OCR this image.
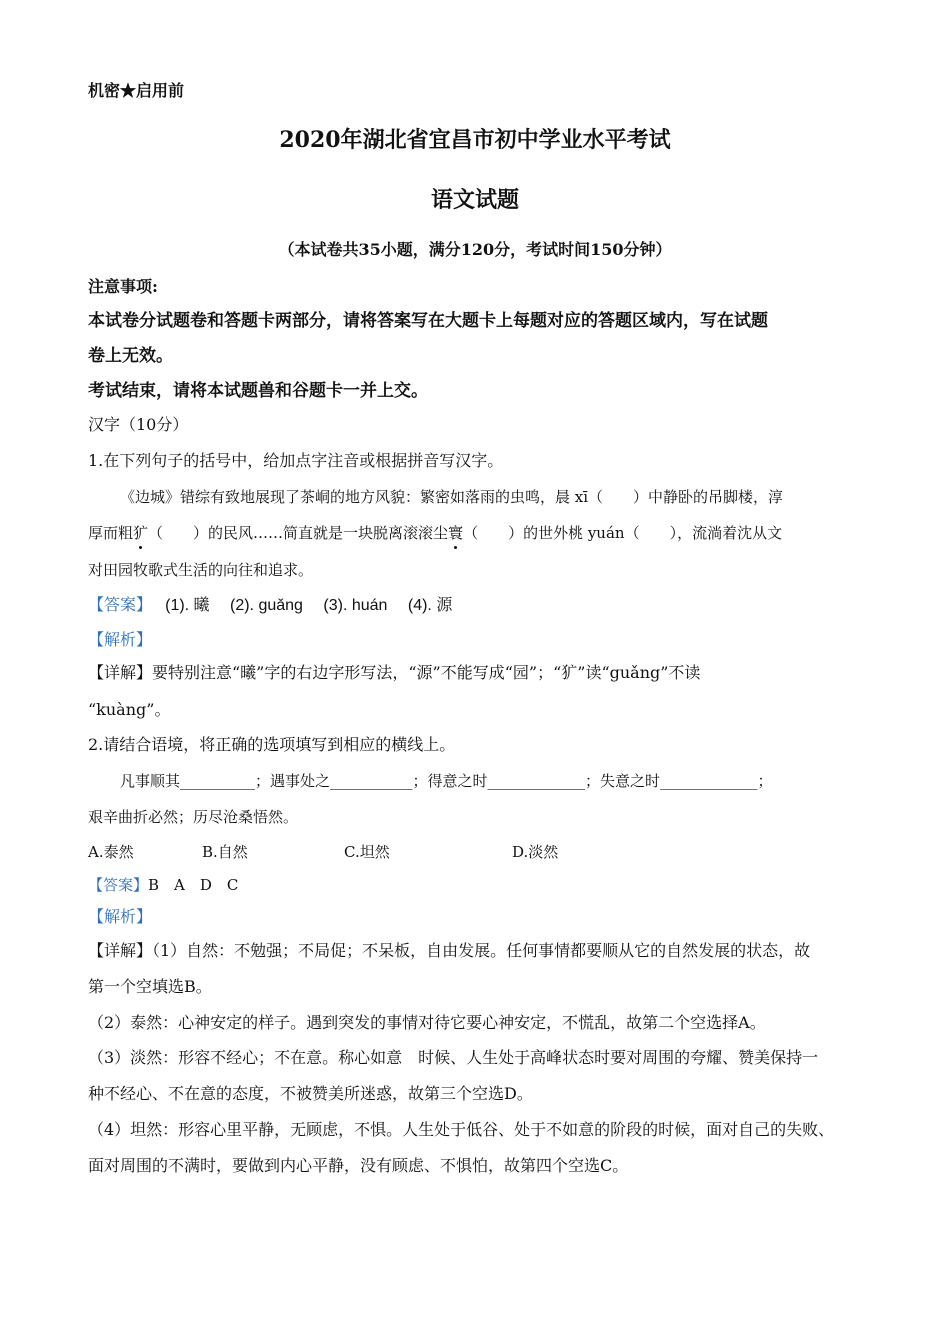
机密★启用前
2020年湖北省宜昌市初中学业水平考试
语文试题
（本试卷共35小题，满分120分，考试时间150分钟）
注意事项:
本试卷分试题卷和答题卡两部分，请将答案写在大题卡上每题对应的答题区域内，写在试题
卷上无效。
考试结束，请将本试题兽和谷题卡一并上交。
汉字（10分）
1.在下列句子的括号中，给加点字注音或根据拼音写汉字。
《边城》错综有致地展现了茶峒的地方风貌：繁密如落雨的虫鸣，晨 xī（　　）中静卧的吊脚楼，淳
厚而粗犷（　　）的民风……简直就是一块脱离滚滚尘寰（　　）的世外桃 yuán（　　），流淌着沈从文
对田园牧歌式生活的向往和追求。
【答案】 (1). 曦　 (2). guǎng　 (3). huán　 (4). 源
【解析】
【详解】要特别注意“曦”字的右边字形写法，“源”不能写成“园”；“犷”读“guǎng”不读
“kuàng”。
2.请结合语境，将正确的选项填写到相应的横线上。
凡事顺其__________；遇事处之___________；得意之时_____________；失意之时_____________；
艰辛曲折必然；历尽沧桑悟然。
A.泰然	B.自然	C.坦然	D.淡然
【答案】B　A　D　C
【解析】
【详解】（1）自然：不勉强；不局促；不呆板，自由发展。任何事情都要顺从它的自然发展的状态，故
第一个空填选B。
（2）泰然：心神安定的样子。遇到突发的事情对待它要心神安定，不慌乱，故第二个空选择A。
（3）淡然：形容不经心；不在意。称心如意　时候、人生处于高峰状态时要对周围的夸耀、赞美保持一
种不经心、不在意的态度，不被赞美所迷惑，故第三个空选D。
（4）坦然：形容心里平静，无顾虑，不惧。人生处于低谷、处于不如意的阶段的时候，面对自己的失败、
面对周围的不满时，要做到内心平静，没有顾虑、不惧怕，故第四个空选C。
